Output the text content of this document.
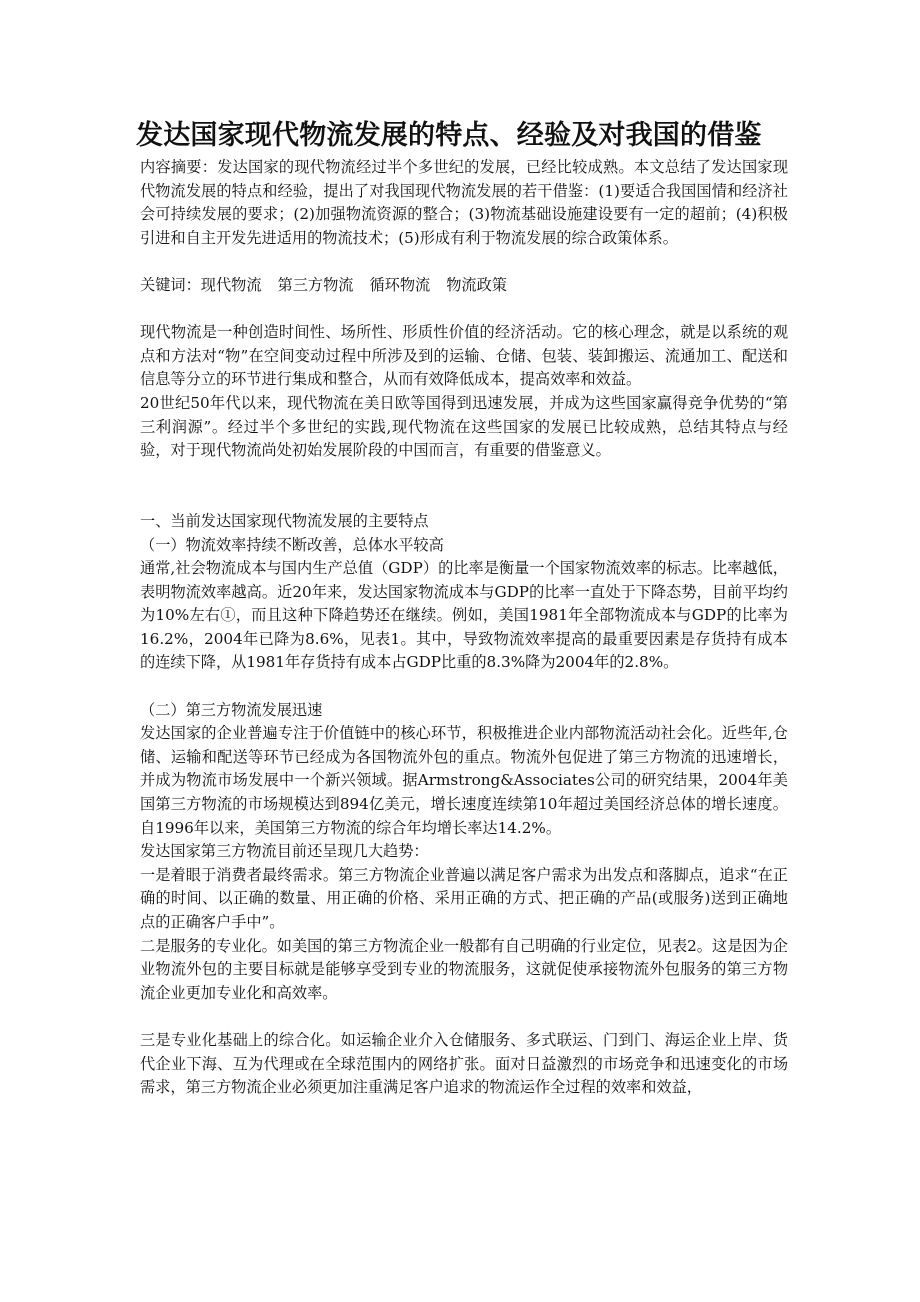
发达国家现代物流发展的特点、经验及对我国的借鉴

内容摘要：发达国家的现代物流经过半个多世纪的发展，已经比较成熟。本文总结了发达国家现代物流发展的特点和经验，提出了对我国现代物流发展的若干借鉴：(1)要适合我国国情和经济社会可持续发展的要求；(2)加强物流资源的整合；(3)物流基础设施建设要有一定的超前；(4)积极引进和自主开发先进适用的物流技术；(5)形成有利于物流发展的综合政策体系。

关键词：现代物流 第三方物流 循环物流 物流政策

现代物流是一种创造时间性、场所性、形质性价值的经济活动。它的核心理念，就是以系统的观点和方法对“物”在空间变动过程中所涉及到的运输、仓储、包装、装卸搬运、流通加工、配送和信息等分立的环节进行集成和整合，从而有效降低成本，提高效率和效益。

20世纪50年代以来，现代物流在美日欧等国得到迅速发展，并成为这些国家赢得竞争优势的“第三利润源”。经过半个多世纪的实践,现代物流在这些国家的发展已比较成熟，总结其特点与经验，对于现代物流尚处初始发展阶段的中国而言，有重要的借鉴意义。

一、当前发达国家现代物流发展的主要特点

（一）物流效率持续不断改善，总体水平较高

通常,社会物流成本与国内生产总值（GDP）的比率是衡量一个国家物流效率的标志。比率越低，表明物流效率越高。近20年来，发达国家物流成本与GDP的比率一直处于下降态势，目前平均约为10%左右①，而且这种下降趋势还在继续。例如，美国1981年全部物流成本与GDP的比率为16.2%，2004年已降为8.6%，见表1。其中，导致物流效率提高的最重要因素是存货持有成本的连续下降，从1981年存货持有成本占GDP比重的8.3%降为2004年的2.8%。

（二）第三方物流发展迅速

发达国家的企业普遍专注于价值链中的核心环节，积极推进企业内部物流活动社会化。近些年,仓储、运输和配送等环节已经成为各国物流外包的重点。物流外包促进了第三方物流的迅速增长，并成为物流市场发展中一个新兴领域。据Armstrong&Associates公司的研究结果，2004年美国第三方物流的市场规模达到894亿美元，增长速度连续第10年超过美国经济总体的增长速度。自1996年以来，美国第三方物流的综合年均增长率达14.2%。

发达国家第三方物流目前还呈现几大趋势：

一是着眼于消费者最终需求。第三方物流企业普遍以满足客户需求为出发点和落脚点，追求“在正确的时间、以正确的数量、用正确的价格、采用正确的方式、把正确的产品(或服务)送到正确地点的正确客户手中”。

二是服务的专业化。如美国的第三方物流企业一般都有自己明确的行业定位，见表2。这是因为企业物流外包的主要目标就是能够享受到专业的物流服务，这就促使承接物流外包服务的第三方物流企业更加专业化和高效率。

三是专业化基础上的综合化。如运输企业介入仓储服务、多式联运、门到门、海运企业上岸、货代企业下海、互为代理或在全球范围内的网络扩张。面对日益激烈的市场竞争和迅速变化的市场需求，第三方物流企业必须更加注重满足客户追求的物流运作全过程的效率和效益，
